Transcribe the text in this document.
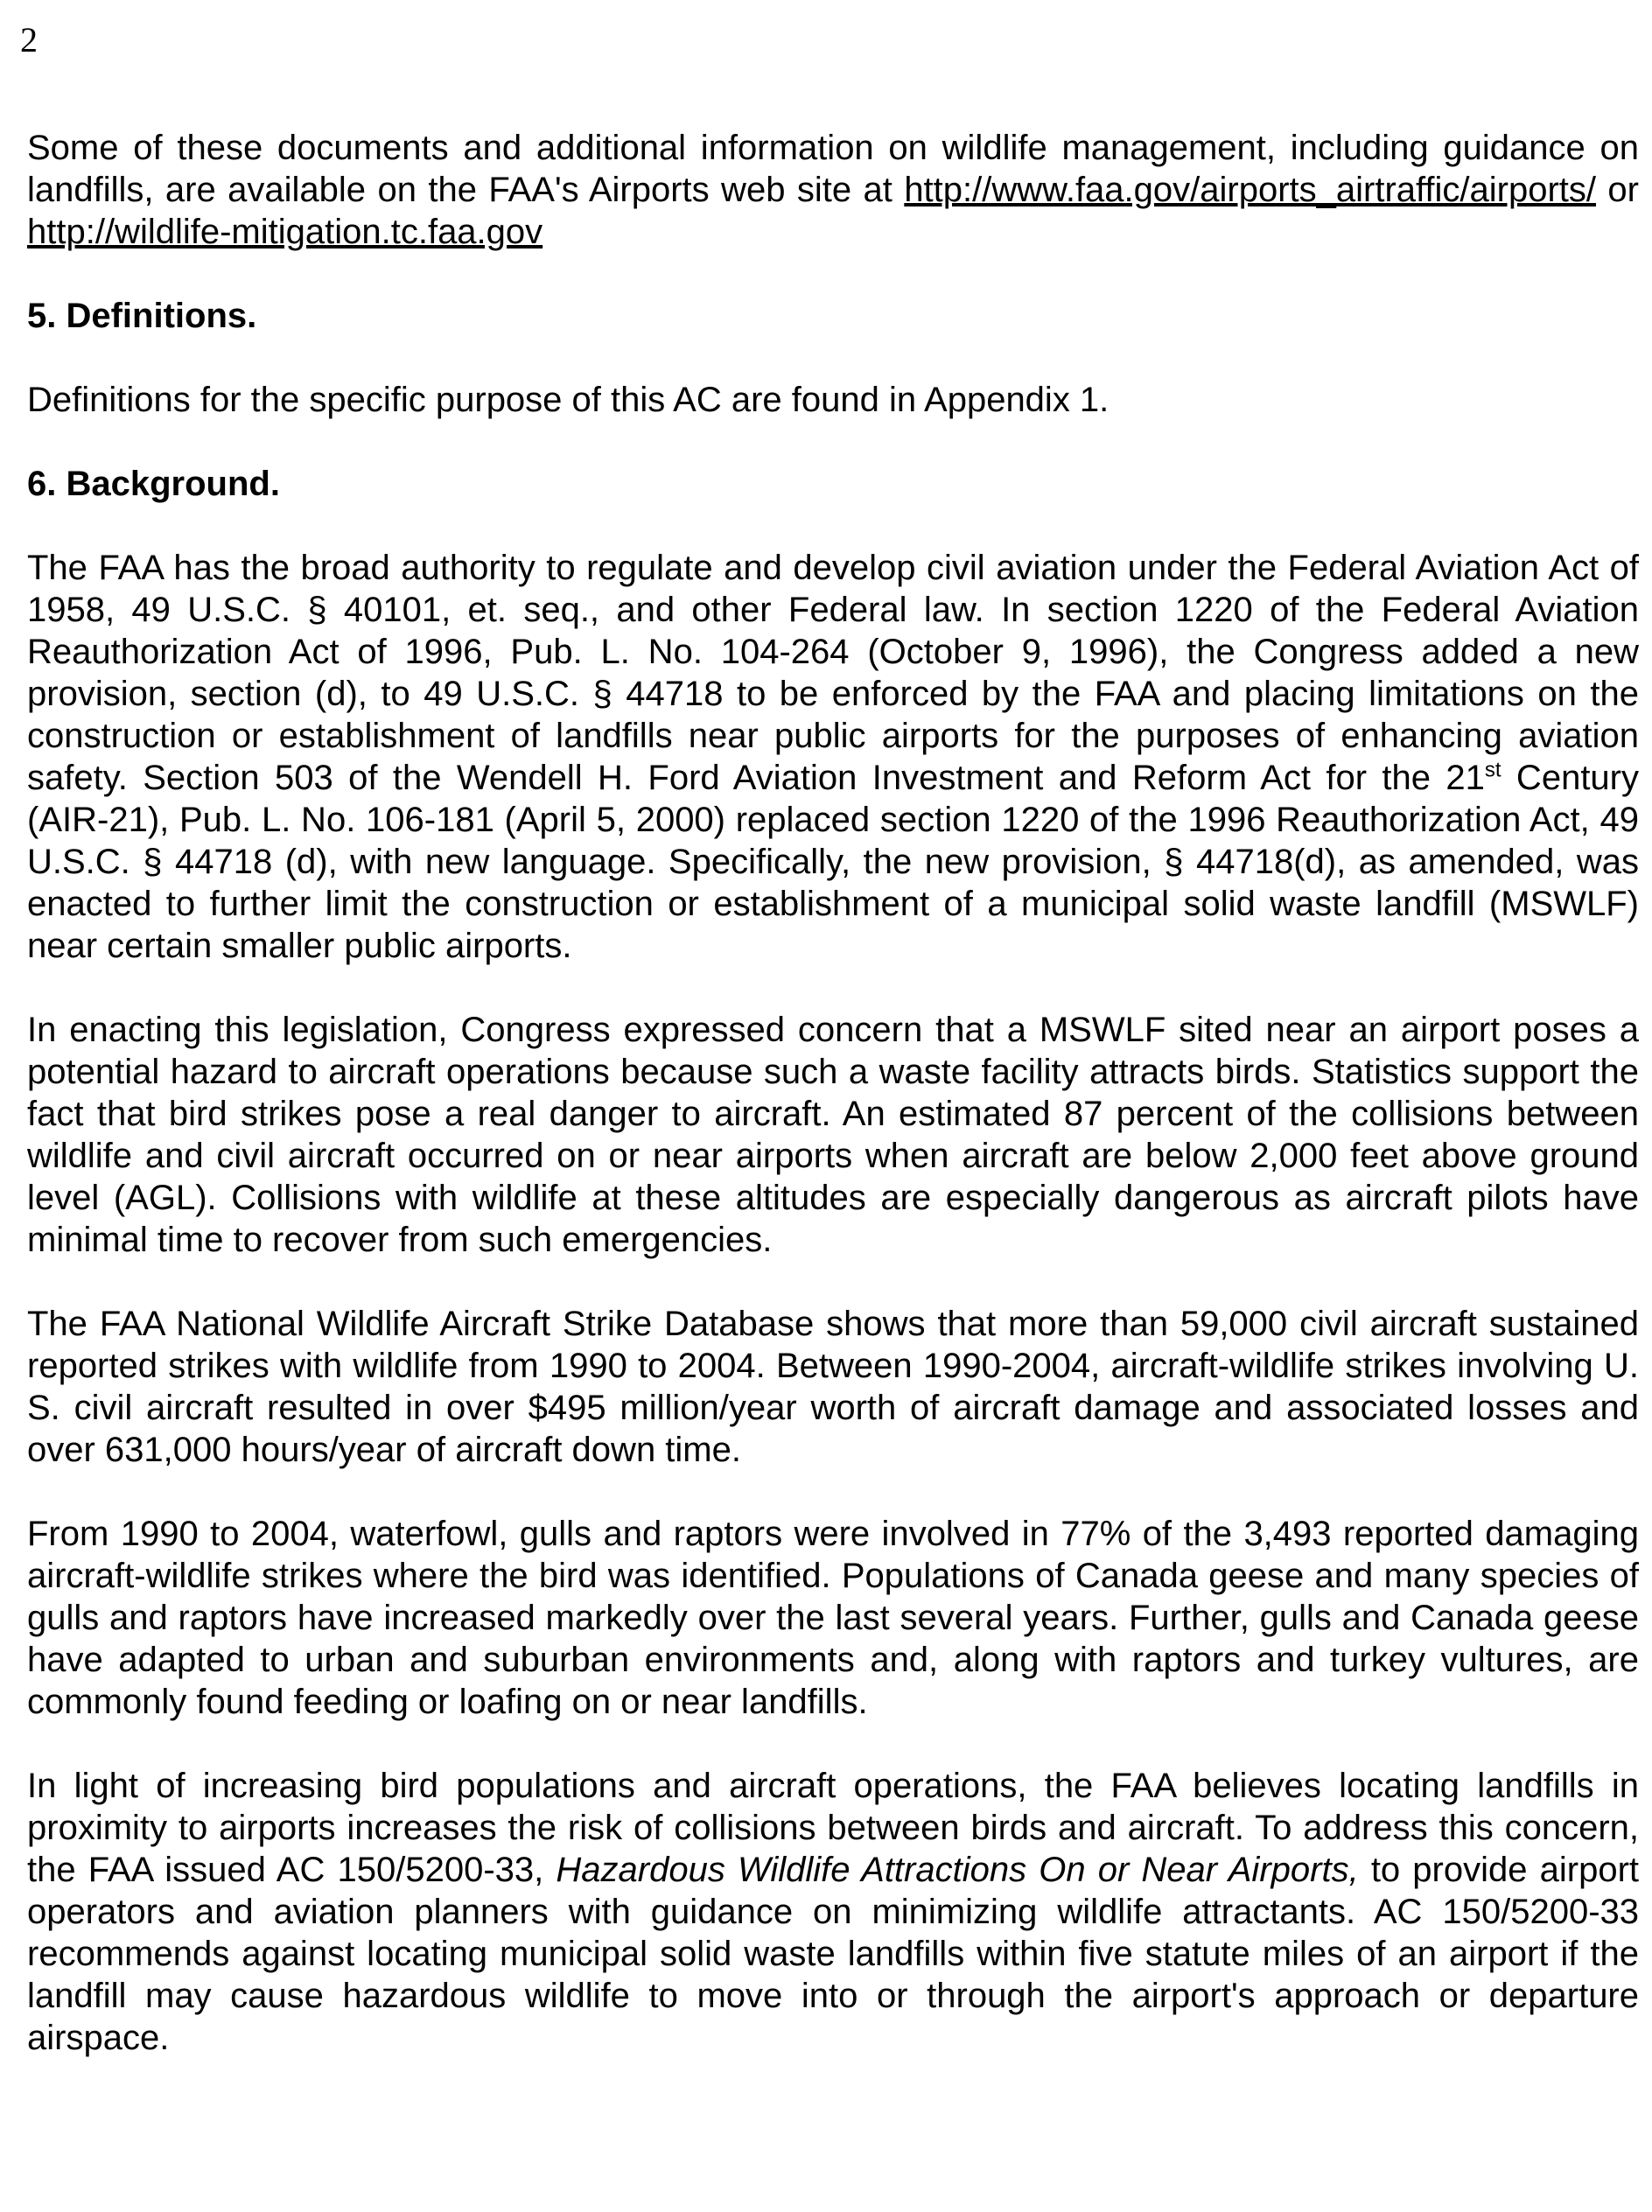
2

Some of these documents and additional information on wildlife management, including guidance on landfills, are available on the FAA's Airports web site at http://www.faa.gov/airports_airtraffic/airports/ or http://wildlife-mitigation.tc.faa.gov

5. Definitions.

Definitions for the specific purpose of this AC are found in Appendix 1.

6. Background.

The FAA has the broad authority to regulate and develop civil aviation under the Federal Aviation Act of 1958, 49 U.S.C. § 40101, et. seq., and other Federal law. In section 1220 of the Federal Aviation Reauthorization Act of 1996, Pub. L. No. 104-264 (October 9, 1996), the Congress added a new provision, section (d), to 49 U.S.C. § 44718 to be enforced by the FAA and placing limitations on the construction or establishment of landfills near public airports for the purposes of enhancing aviation safety. Section 503 of the Wendell H. Ford Aviation Investment and Reform Act for the 21st Century (AIR-21), Pub. L. No. 106-181 (April 5, 2000) replaced section 1220 of the 1996 Reauthorization Act, 49 U.S.C. § 44718 (d), with new language. Specifically, the new provision, § 44718(d), as amended, was enacted to further limit the construction or establishment of a municipal solid waste landfill (MSWLF) near certain smaller public airports.

In enacting this legislation, Congress expressed concern that a MSWLF sited near an airport poses a potential hazard to aircraft operations because such a waste facility attracts birds. Statistics support the fact that bird strikes pose a real danger to aircraft. An estimated 87 percent of the collisions between wildlife and civil aircraft occurred on or near airports when aircraft are below 2,000 feet above ground level (AGL). Collisions with wildlife at these altitudes are especially dangerous as aircraft pilots have minimal time to recover from such emergencies.

The FAA National Wildlife Aircraft Strike Database shows that more than 59,000 civil aircraft sustained reported strikes with wildlife from 1990 to 2004. Between 1990-2004, aircraft-wildlife strikes involving U. S. civil aircraft resulted in over $495 million/year worth of aircraft damage and associated losses and over 631,000 hours/year of aircraft down time.

From 1990 to 2004, waterfowl, gulls and raptors were involved in 77% of the 3,493 reported damaging aircraft-wildlife strikes where the bird was identified. Populations of Canada geese and many species of gulls and raptors have increased markedly over the last several years. Further, gulls and Canada geese have adapted to urban and suburban environments and, along with raptors and turkey vultures, are commonly found feeding or loafing on or near landfills.

In light of increasing bird populations and aircraft operations, the FAA believes locating landfills in proximity to airports increases the risk of collisions between birds and aircraft. To address this concern, the FAA issued AC 150/5200-33, Hazardous Wildlife Attractions On or Near Airports, to provide airport operators and aviation planners with guidance on minimizing wildlife attractants. AC 150/5200-33 recommends against locating municipal solid waste landfills within five statute miles of an airport if the landfill may cause hazardous wildlife to move into or through the airport's approach or departure airspace.
